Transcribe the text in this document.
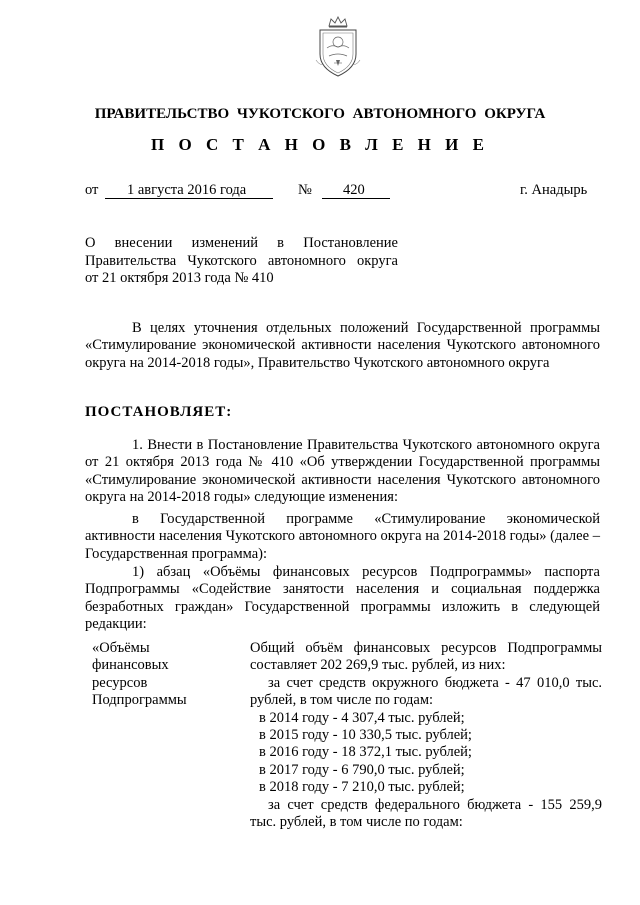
ПРАВИТЕЛЬСТВО ЧУКОТСКОГО АВТОНОМНОГО ОКРУГА
П О С Т А Н О В Л Е Н И Е
от 1 августа 2016 года	№ 420	г. Анадырь
О внесении изменений в Постановление
Правительства Чукотского автономного округа
от 21 октября 2013 года № 410
В целях уточнения отдельных положений Государственной программы «Стимулирование экономической активности населения Чукотского автономного округа на 2014-2018 годы», Правительство Чукотского автономного округа
ПОСТАНОВЛЯЕТ:
1. Внести в Постановление Правительства Чукотского автономного округа от 21 октября 2013 года № 410 «Об утверждении Государственной программы «Стимулирование экономической активности населения Чукотского автономного округа на 2014-2018 годы» следующие изменения:
в Государственной программе «Стимулирование экономической активности населения Чукотского автономного округа на 2014-2018 годы» (далее – Государственная программа):
1) абзац «Объёмы финансовых ресурсов Подпрограммы» паспорта Подпрограммы «Содействие занятости населения и социальная поддержка безработных граждан» Государственной программы изложить в следующей редакции:
«Объёмы
финансовых
ресурсов
Подпрограммы
Общий объём финансовых ресурсов Подпрограммы составляет 202 269,9 тыс. рублей, из них:
за счет средств окружного бюджета - 47 010,0 тыс. рублей, в том числе по годам:
в 2014 году - 4 307,4 тыс. рублей;
в 2015 году - 10 330,5 тыс. рублей;
в 2016 году - 18 372,1 тыс. рублей;
в 2017 году - 6 790,0 тыс. рублей;
в 2018 году - 7 210,0 тыс. рублей;
за счет средств федерального бюджета - 155 259,9 тыс. рублей, в том числе по годам:
